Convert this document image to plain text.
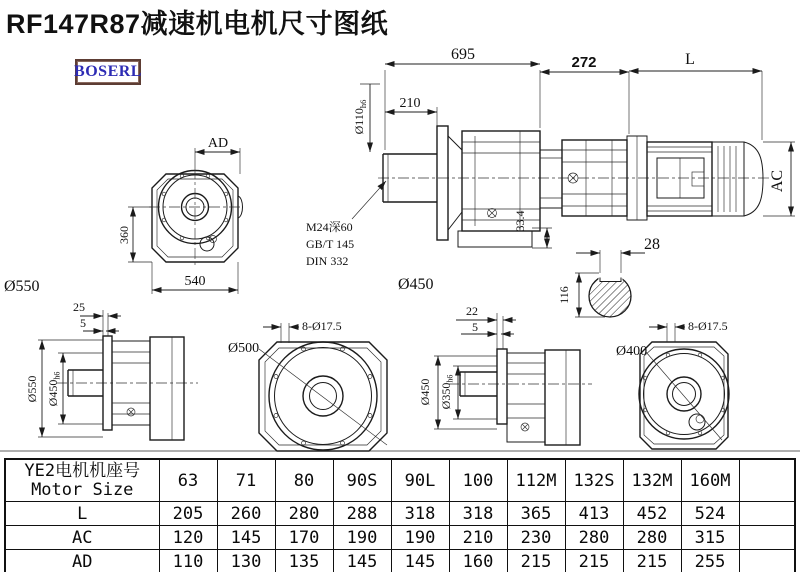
RF147R87减速机电机尺寸图纸
BOSERL
AD
360
540
Ø550
$Ø110_{h6}$
695
210
M24深60
GB/T 145
DIN 332
Ø450
272	L
AC
33.4
28
116
25
5
Ø550 $Ø450_{h6}$
Ø500
8-Ø17.5
22
5
Ø450 $Ø350_{h6}$
Ø400
8-Ø17.5
YE2电机机座号
Motor Size	63	71	80	90S	90L	100	112M	132S	132M	160M	
L	205	260	280	288	318	318	365	413	452	524	
AC	120	145	170	190	190	210	230	280	280	315	
AD	110	130	135	145	145	160	215	215	215	255	
